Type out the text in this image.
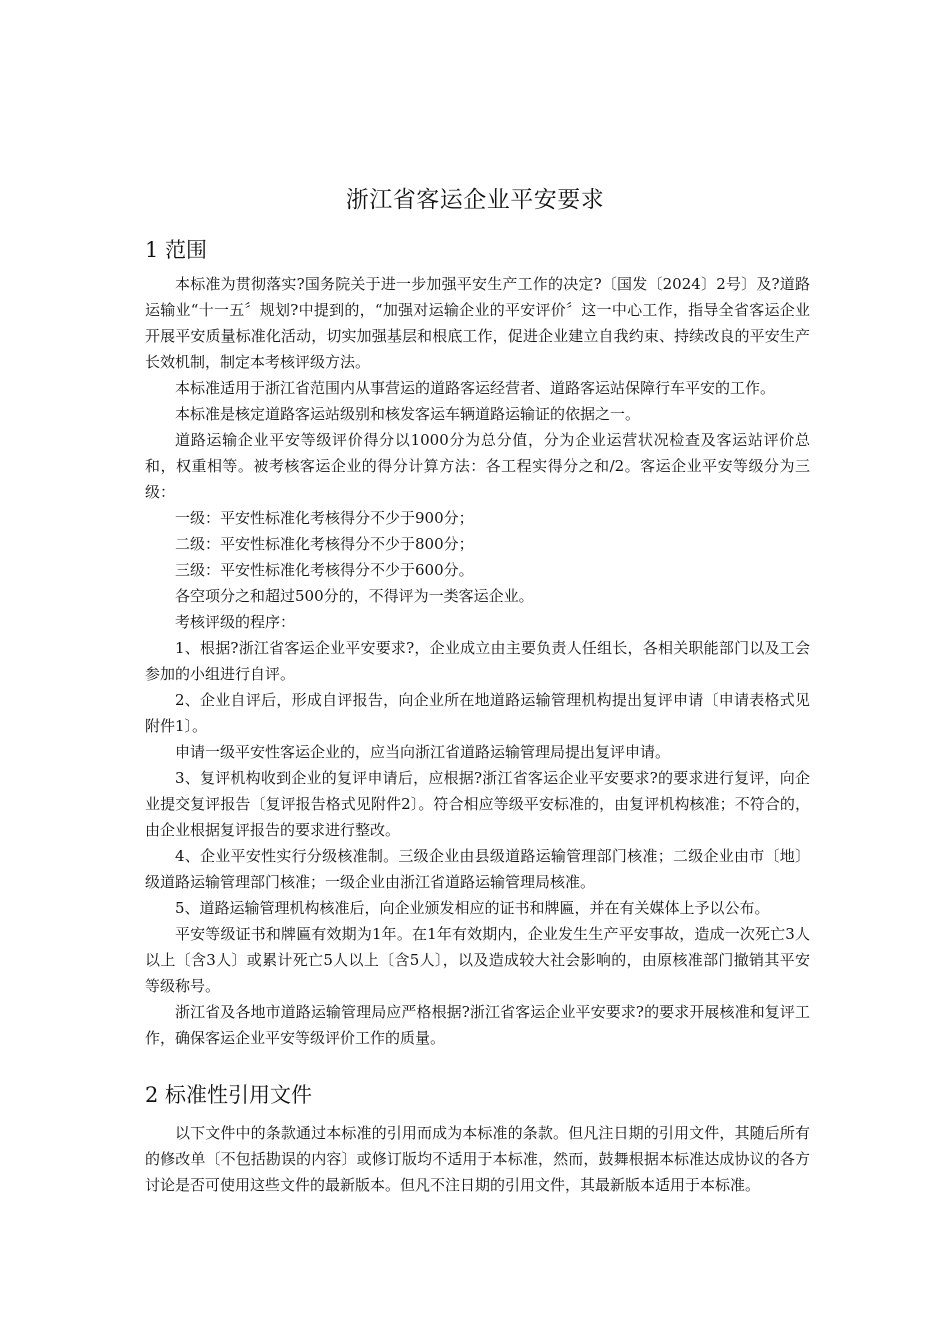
浙江省客运企业平安要求
1 范围

本标准为贯彻落实?国务院关于进一步加强平安生产工作的决定?〔国发〔2024〕2号〕及?道路运输业“十一五〞规划?中提到的，“加强对运输企业的平安评价〞这一中心工作，指导全省客运企业开展平安质量标准化活动，切实加强基层和根底工作，促进企业建立自我约束、持续改良的平安生产长效机制，制定本考核评级方法。

本标准适用于浙江省范围内从事营运的道路客运经营者、道路客运站保障行车平安的工作。

本标准是核定道路客运站级别和核发客运车辆道路运输证的依据之一。

道路运输企业平安等级评价得分以1000分为总分值，分为企业运营状况检查及客运站评价总和，权重相等。被考核客运企业的得分计算方法：各工程实得分之和/2。客运企业平安等级分为三级：

一级：平安性标准化考核得分不少于900分；

二级：平安性标准化考核得分不少于800分；

三级：平安性标准化考核得分不少于600分。

各空项分之和超过500分的，不得评为一类客运企业。

考核评级的程序：

1、根据?浙江省客运企业平安要求?，企业成立由主要负责人任组长，各相关职能部门以及工会参加的小组进行自评。

2、企业自评后，形成自评报告，向企业所在地道路运输管理机构提出复评申请〔申请表格式见附件1〕。

申请一级平安性客运企业的，应当向浙江省道路运输管理局提出复评申请。

3、复评机构收到企业的复评申请后，应根据?浙江省客运企业平安要求?的要求进行复评，向企业提交复评报告〔复评报告格式见附件2〕。符合相应等级平安标准的，由复评机构核准；不符合的，由企业根据复评报告的要求进行整改。

4、企业平安性实行分级核准制。三级企业由县级道路运输管理部门核准；二级企业由市〔地〕级道路运输管理部门核准；一级企业由浙江省道路运输管理局核准。

5、道路运输管理机构核准后，向企业颁发相应的证书和牌匾，并在有关媒体上予以公布。

平安等级证书和牌匾有效期为1年。在1年有效期内，企业发生生产平安事故，造成一次死亡3人以上〔含3人〕或累计死亡5人以上〔含5人〕，以及造成较大社会影响的，由原核准部门撤销其平安等级称号。

浙江省及各地市道路运输管理局应严格根据?浙江省客运企业平安要求?的要求开展核准和复评工作，确保客运企业平安等级评价工作的质量。

2 标准性引用文件

以下文件中的条款通过本标准的引用而成为本标准的条款。但凡注日期的引用文件，其随后所有的修改单〔不包括勘误的内容〕或修订版均不适用于本标准，然而，鼓舞根据本标准达成协议的各方讨论是否可使用这些文件的最新版本。但凡不注日期的引用文件，其最新版本适用于本标准。
